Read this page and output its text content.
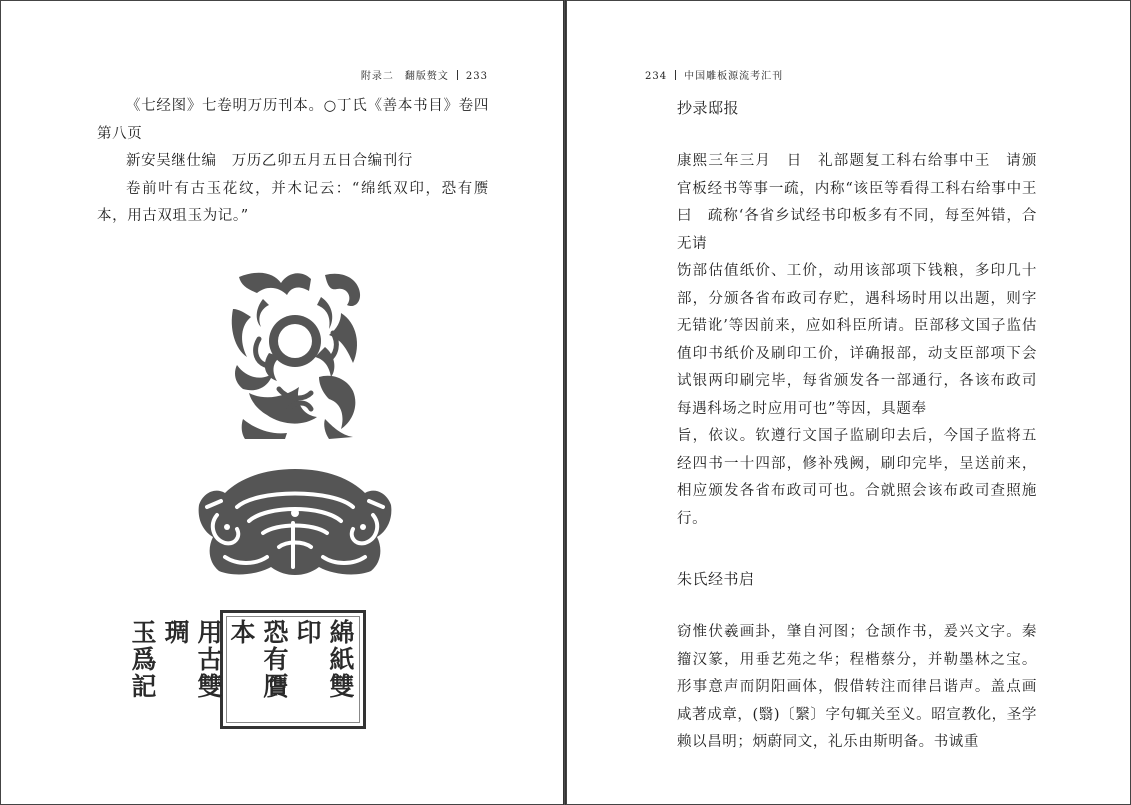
附录二　翻版赘文 233

《七经图》七卷明万历刊本。○丁氏《善本书目》卷四第八页

新安吴继仕编　万历乙卯五月五日合编刊行

卷前叶有古玉花纹，并木记云：“绵纸双印，恐有赝本，用古双珇玉为记。”

綿紙雙印
恐有贋本
用古雙琱
玉爲記
234 中国雕板源流考汇刊
抄录邸报

康熙三年三月　日　礼部题复工科右给事中王　请颁官板经书等事一疏，内称“该臣等看得工科右给事中王曰　疏称‘各省乡试经书印板多有不同，每至舛错，合无请

饬部估值纸价、工价，动用该部项下钱粮，多印几十部，分颁各省布政司存贮，遇科场时用以出题，则字无错讹’等因前来，应如科臣所请。臣部移文国子监估值印书纸价及刷印工价，详确报部，动支臣部项下会试银两印刷完毕，每省颁发各一部通行，各该布政司每遇科场之时应用可也”等因，具题奉

旨，依议。钦遵行文国子监刷印去后，今国子监将五经四书一十四部，修补残阙，刷印完毕，呈送前来，相应颁发各省布政司可也。合就照会该布政司查照施行。

朱氏经书启

窃惟伏羲画卦，肇自河图；仓颉作书，爰兴文字。秦籀汉篆，用垂艺苑之华；程楷蔡分，并勒墨林之宝。形事意声而阴阳画体，假借转注而律吕谐声。盖点画咸著成章，(翳)〔繄〕字句辄关至义。昭宣教化，圣学赖以昌明；炳蔚同文，礼乐由斯明备。书诚重
